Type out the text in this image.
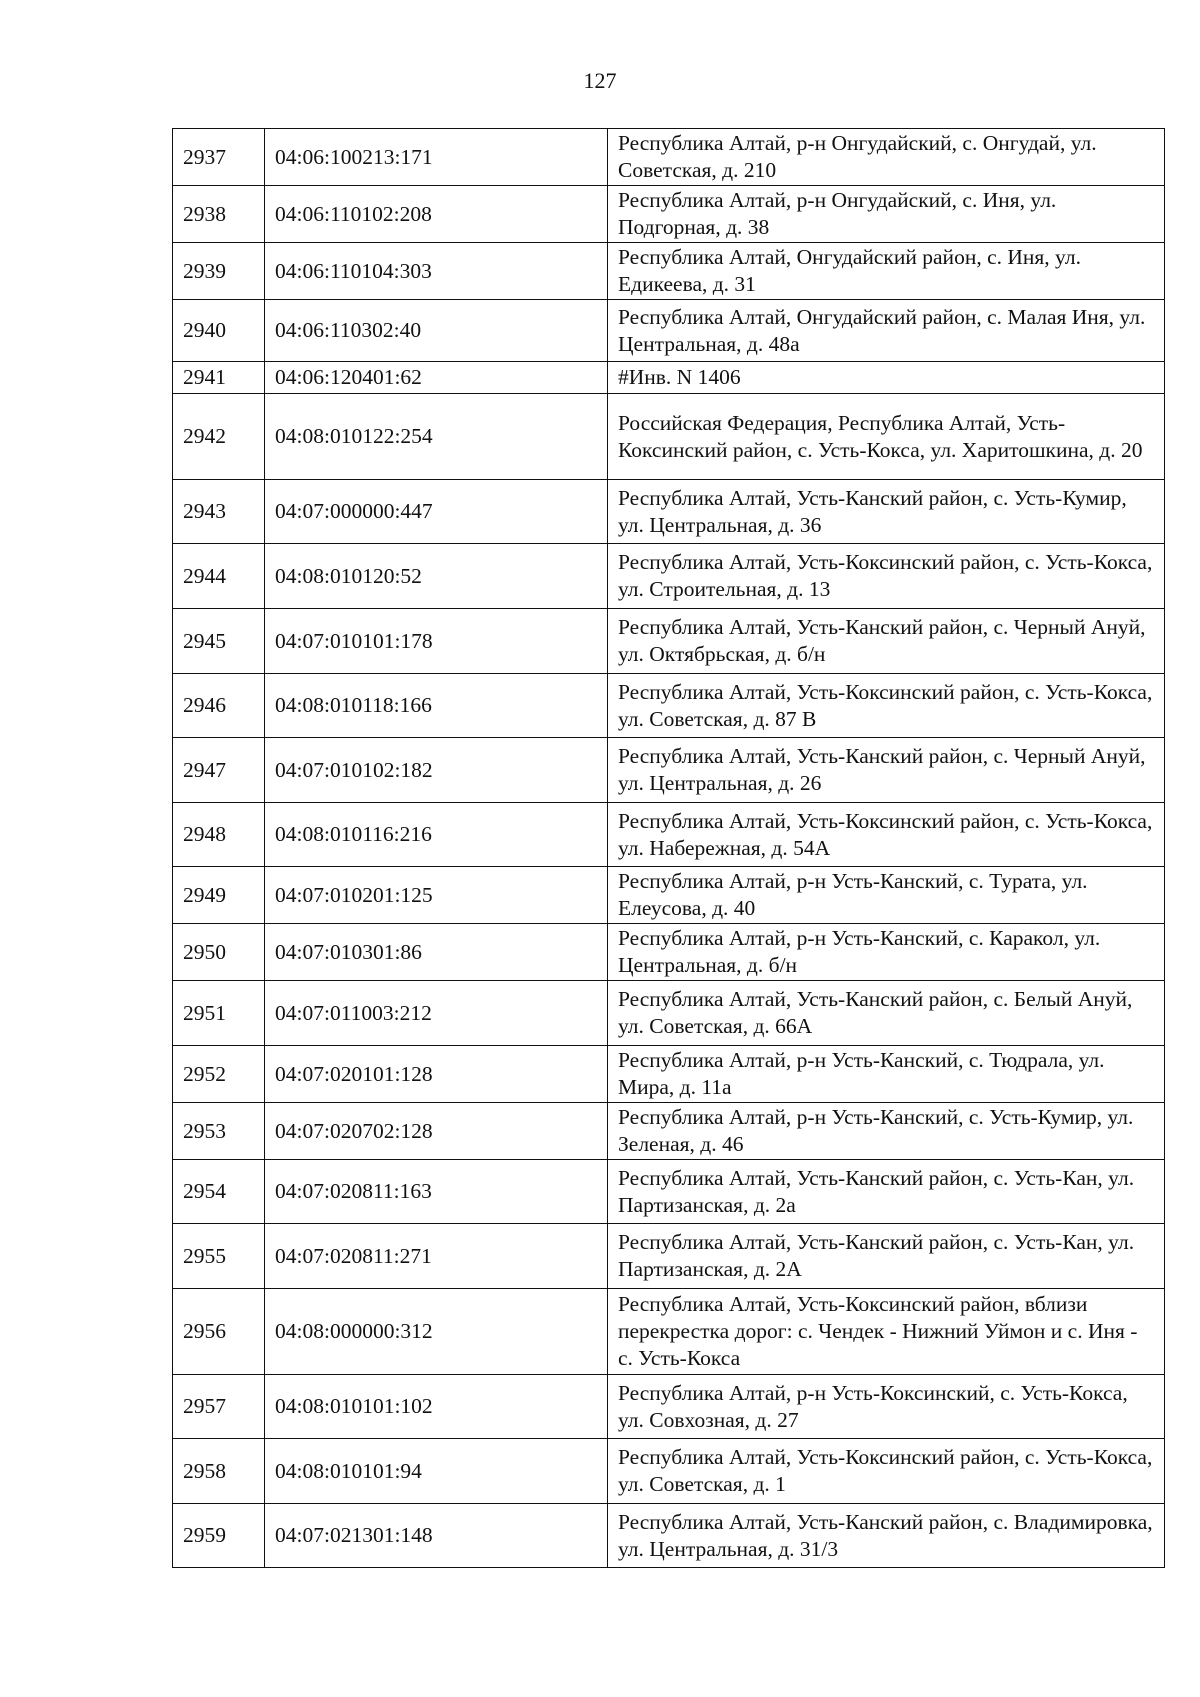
127
2937	04:06:100213:171	Республика Алтай, р-н Онгудайский, с. Онгудай, ул. Советская, д. 210

2938	04:06:110102:208	Республика Алтай, р-н Онгудайский, с. Иня, ул. Подгорная, д. 38

2939	04:06:110104:303	Республика Алтай, Онгудайский район, с. Иня, ул. Едикеева, д. 31

2940	04:06:110302:40	Республика Алтай, Онгудайский район, с. Малая Иня, ул. Центральная, д. 48а

2941	04:06:120401:62	#Инв. N 1406

2942	04:08:010122:254	Российская Федерация, Республика Алтай, Усть-Коксинский район, с. Усть-Кокса, ул. Харитошкина, д. 20

2943	04:07:000000:447	Республика Алтай, Усть-Канский район, с. Усть-Кумир, ул. Центральная, д. 36

2944	04:08:010120:52	Республика Алтай, Усть-Коксинский район, с. Усть-Кокса, ул. Строительная, д. 13

2945	04:07:010101:178	Республика Алтай, Усть-Канский район, с. Черный Ануй, ул. Октябрьская, д. б/н

2946	04:08:010118:166	Республика Алтай, Усть-Коксинский район, с. Усть-Кокса, ул. Советская, д. 87 В

2947	04:07:010102:182	Республика Алтай, Усть-Канский район, с. Черный Ануй, ул. Центральная, д. 26

2948	04:08:010116:216	Республика Алтай, Усть-Коксинский район, с. Усть-Кокса, ул. Набережная, д. 54А

2949	04:07:010201:125	Республика Алтай, р-н Усть-Канский, с. Турата, ул. Елеусова, д. 40

2950	04:07:010301:86	Республика Алтай, р-н Усть-Канский, с. Каракол, ул. Центральная, д. б/н

2951	04:07:011003:212	Республика Алтай, Усть-Канский район, с. Белый Ануй, ул. Советская, д. 66А

2952	04:07:020101:128	Республика Алтай, р-н Усть-Канский, с. Тюдрала, ул. Мира, д. 11а

2953	04:07:020702:128	Республика Алтай, р-н Усть-Канский, с. Усть-Кумир, ул. Зеленая, д. 46

2954	04:07:020811:163	Республика Алтай, Усть-Канский район, с. Усть-Кан, ул. Партизанская, д. 2а

2955	04:07:020811:271	Республика Алтай, Усть-Канский район, с. Усть-Кан, ул. Партизанская, д. 2А

2956	04:08:000000:312	Республика Алтай, Усть-Коксинский район, вблизи перекрестка дорог: с. Чендек - Нижний Уймон и с. Иня - с. Усть-Кокса

2957	04:08:010101:102	Республика Алтай, р-н Усть-Коксинский, с. Усть-Кокса, ул. Совхозная, д. 27

2958	04:08:010101:94	Республика Алтай, Усть-Коксинский район, с. Усть-Кокса, ул. Советская, д. 1

2959	04:07:021301:148	Республика Алтай, Усть-Канский район, с. Владимировка, ул. Центральная, д. 31/3
